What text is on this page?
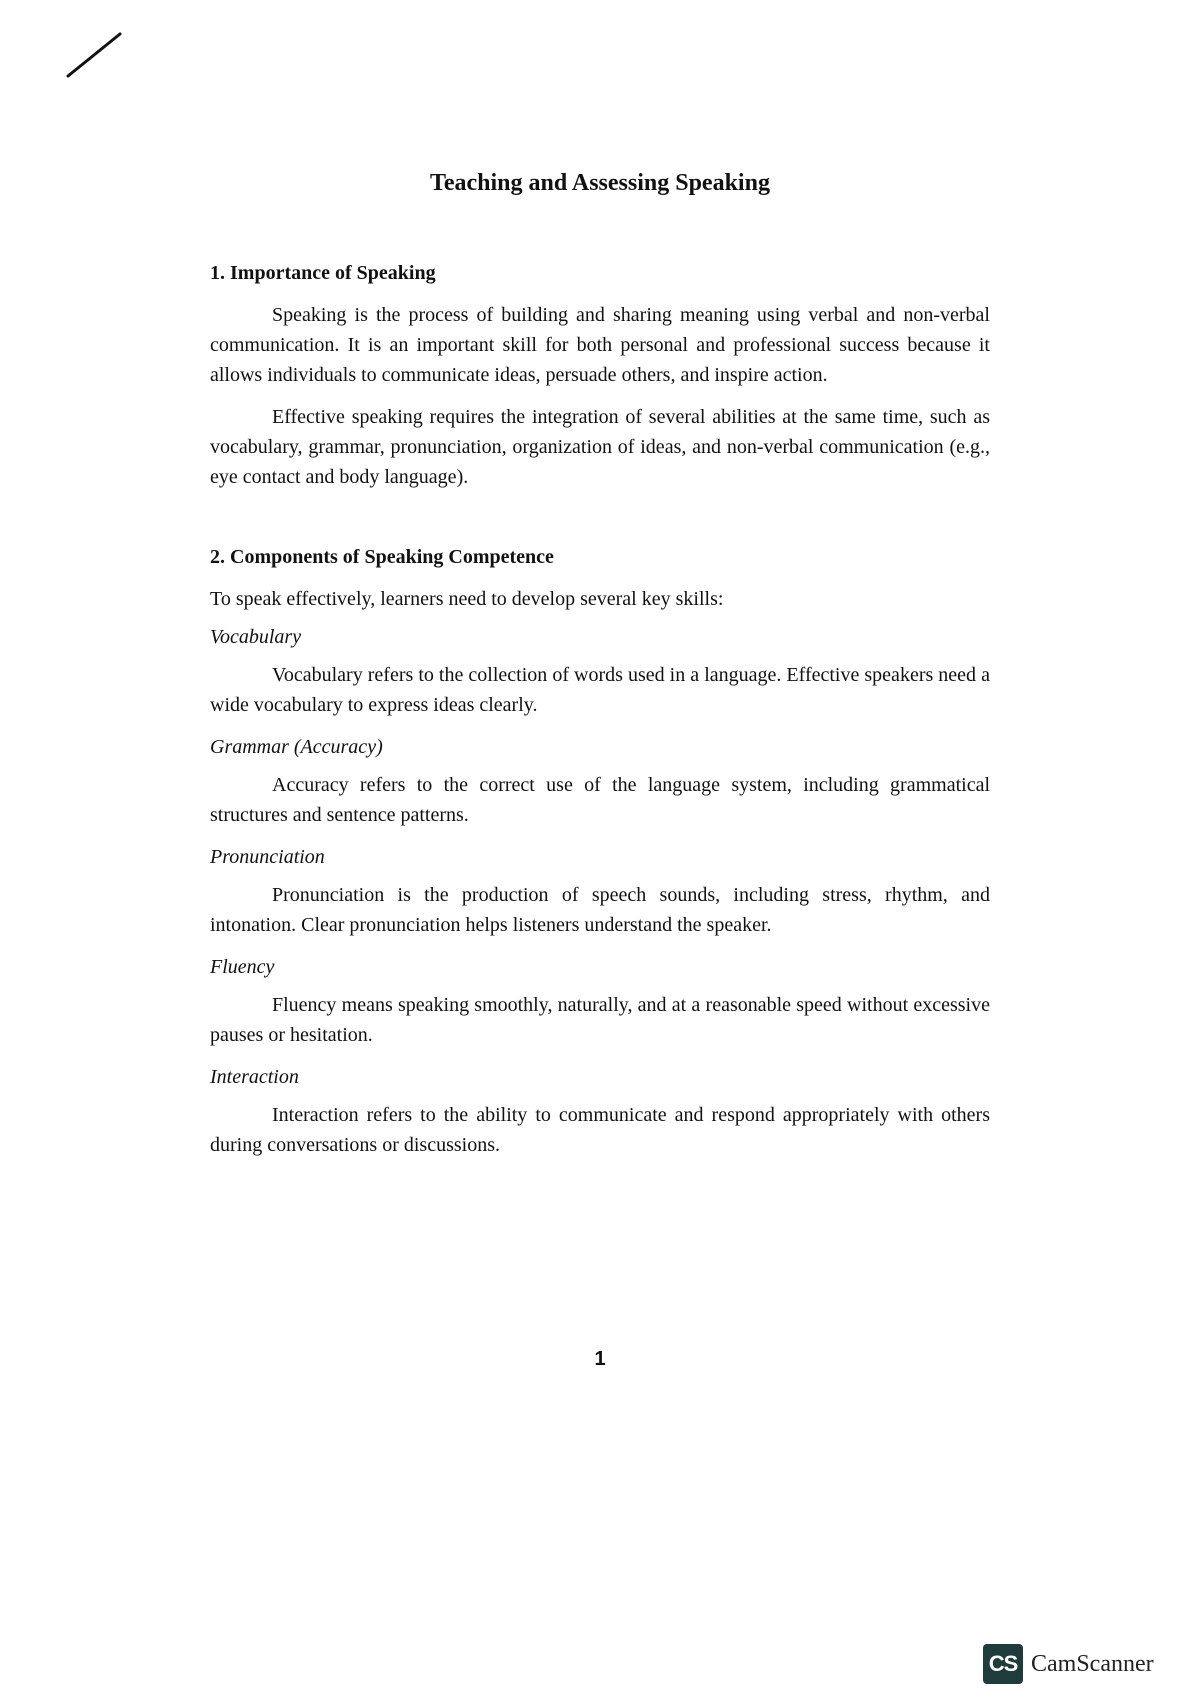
Teaching and Assessing Speaking
1. Importance of Speaking
Speaking is the process of building and sharing meaning using verbal and non-verbal communication. It is an important skill for both personal and professional success because it allows individuals to communicate ideas, persuade others, and inspire action.
Effective speaking requires the integration of several abilities at the same time, such as vocabulary, grammar, pronunciation, organization of ideas, and non-verbal communication (e.g., eye contact and body language).
2. Components of Speaking Competence
To speak effectively, learners need to develop several key skills:
Vocabulary
Vocabulary refers to the collection of words used in a language. Effective speakers need a wide vocabulary to express ideas clearly.
Grammar (Accuracy)
Accuracy refers to the correct use of the language system, including grammatical structures and sentence patterns.
Pronunciation
Pronunciation is the production of speech sounds, including stress, rhythm, and intonation. Clear pronunciation helps listeners understand the speaker.
Fluency
Fluency means speaking smoothly, naturally, and at a reasonable speed without excessive pauses or hesitation.
Interaction
Interaction refers to the ability to communicate and respond appropriately with others during conversations or discussions.
1
CS CamScanner
